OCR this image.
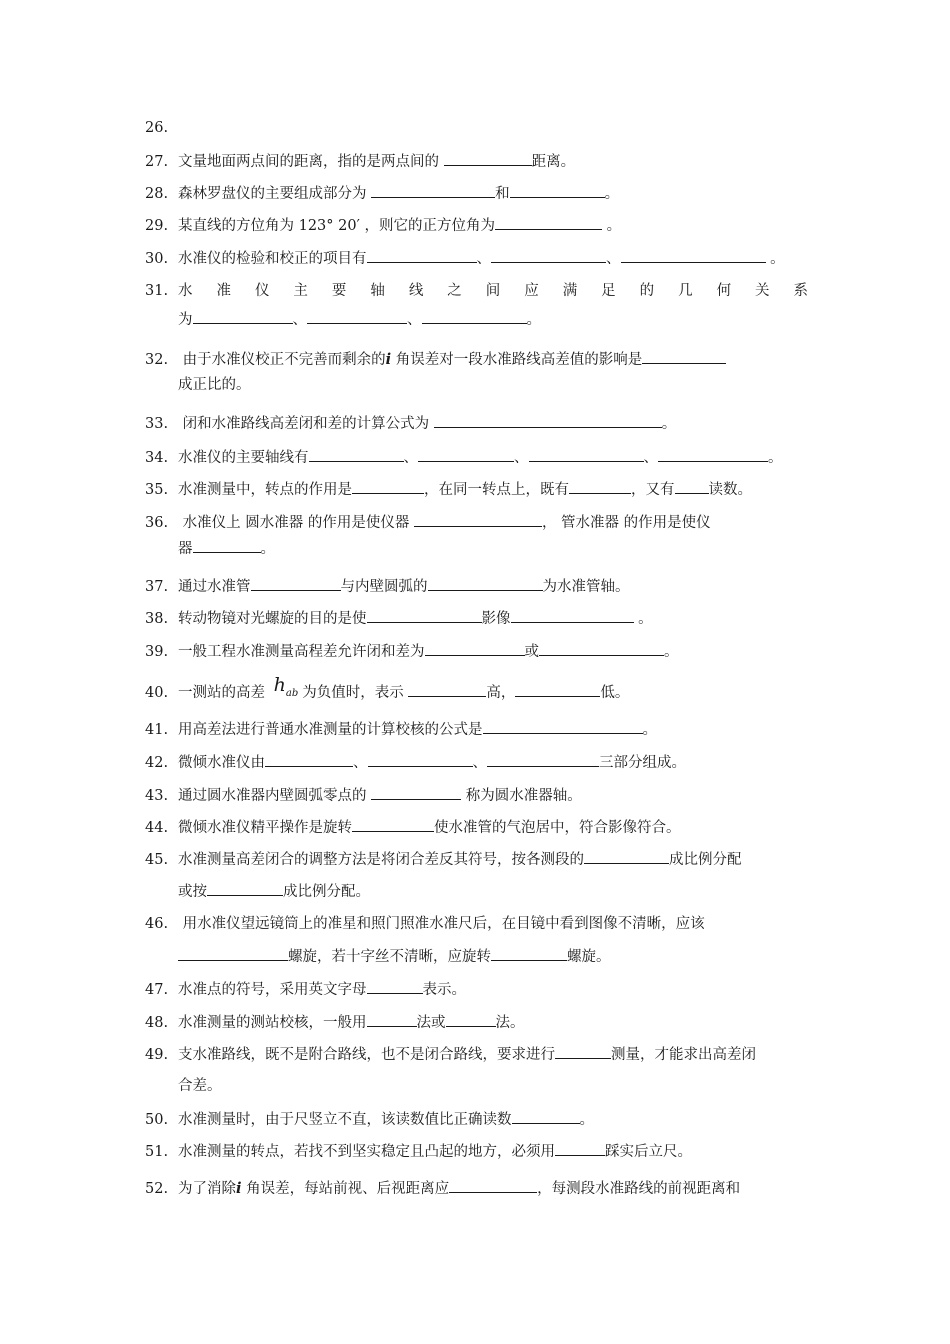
26.
27. 文量地面两点间的距离，指的是两点间的	距离。
28. 森林罗盘仪的主要组成部分为	和	。
29. 某直线的方位角为 123° 20′ ，则它的正方位角为	。
30. 水准仪的检验和校正的项目有	、	、	。
31. 水 准 仪 主 要 轴 线 之 间 应 满 足 的 几 何 关 系
为	、	、	。
32. 由于水准仪校正不完善而剩余的i 角误差对一段水准路线高差值的影响是
成正比的。
33. 闭和水准路线高差闭和差的计算公式为	。
34. 水准仪的主要轴线有	、	、	、	。
35. 水准测量中，转点的作用是	，在同一转点上，既有	，又有 读数。
36. 水准仪上 圆水准器 的作用是使仪器	， 管水准器 的作用是使仪
器	。
37. 通过水准管	与内壁圆弧的	为水准管轴。
38. 转动物镜对光螺旋的目的是使	影像	。
39. 一般工程水准测量高程差允许闭和差为	或	。
40. 一测站的高差 $h_{ab}$ 为负值时，表示	高，	低。
41. 用高差法进行普通水准测量的计算校核的公式是	。
42. 微倾水准仪由	、	、	三部分组成。
43. 通过圆水准器内壁圆弧零点的	称为圆水准器轴。
44. 微倾水准仪精平操作是旋转	使水准管的气泡居中，符合影像符合。
45. 水准测量高差闭合的调整方法是将闭合差反其符号，按各测段的	成比例分配
或按	成比例分配。
46. 用水准仪望远镜筒上的准星和照门照准水准尺后，在目镜中看到图像不清晰，应该
螺旋，若十字丝不清晰，应旋转	螺旋。
47. 水准点的符号，采用英文字母	表示。
48. 水准测量的测站校核，一般用	法或	法。
49. 支水准路线，既不是附合路线，也不是闭合路线，要求进行	测量，才能求出高差闭
合差。
50. 水准测量时，由于尺竖立不直，该读数值比正确读数	。
51. 水准测量的转点，若找不到坚实稳定且凸起的地方，必须用	踩实后立尺。
52. 为了消除i 角误差，每站前视、后视距离应	，每测段水准路线的前视距离和
